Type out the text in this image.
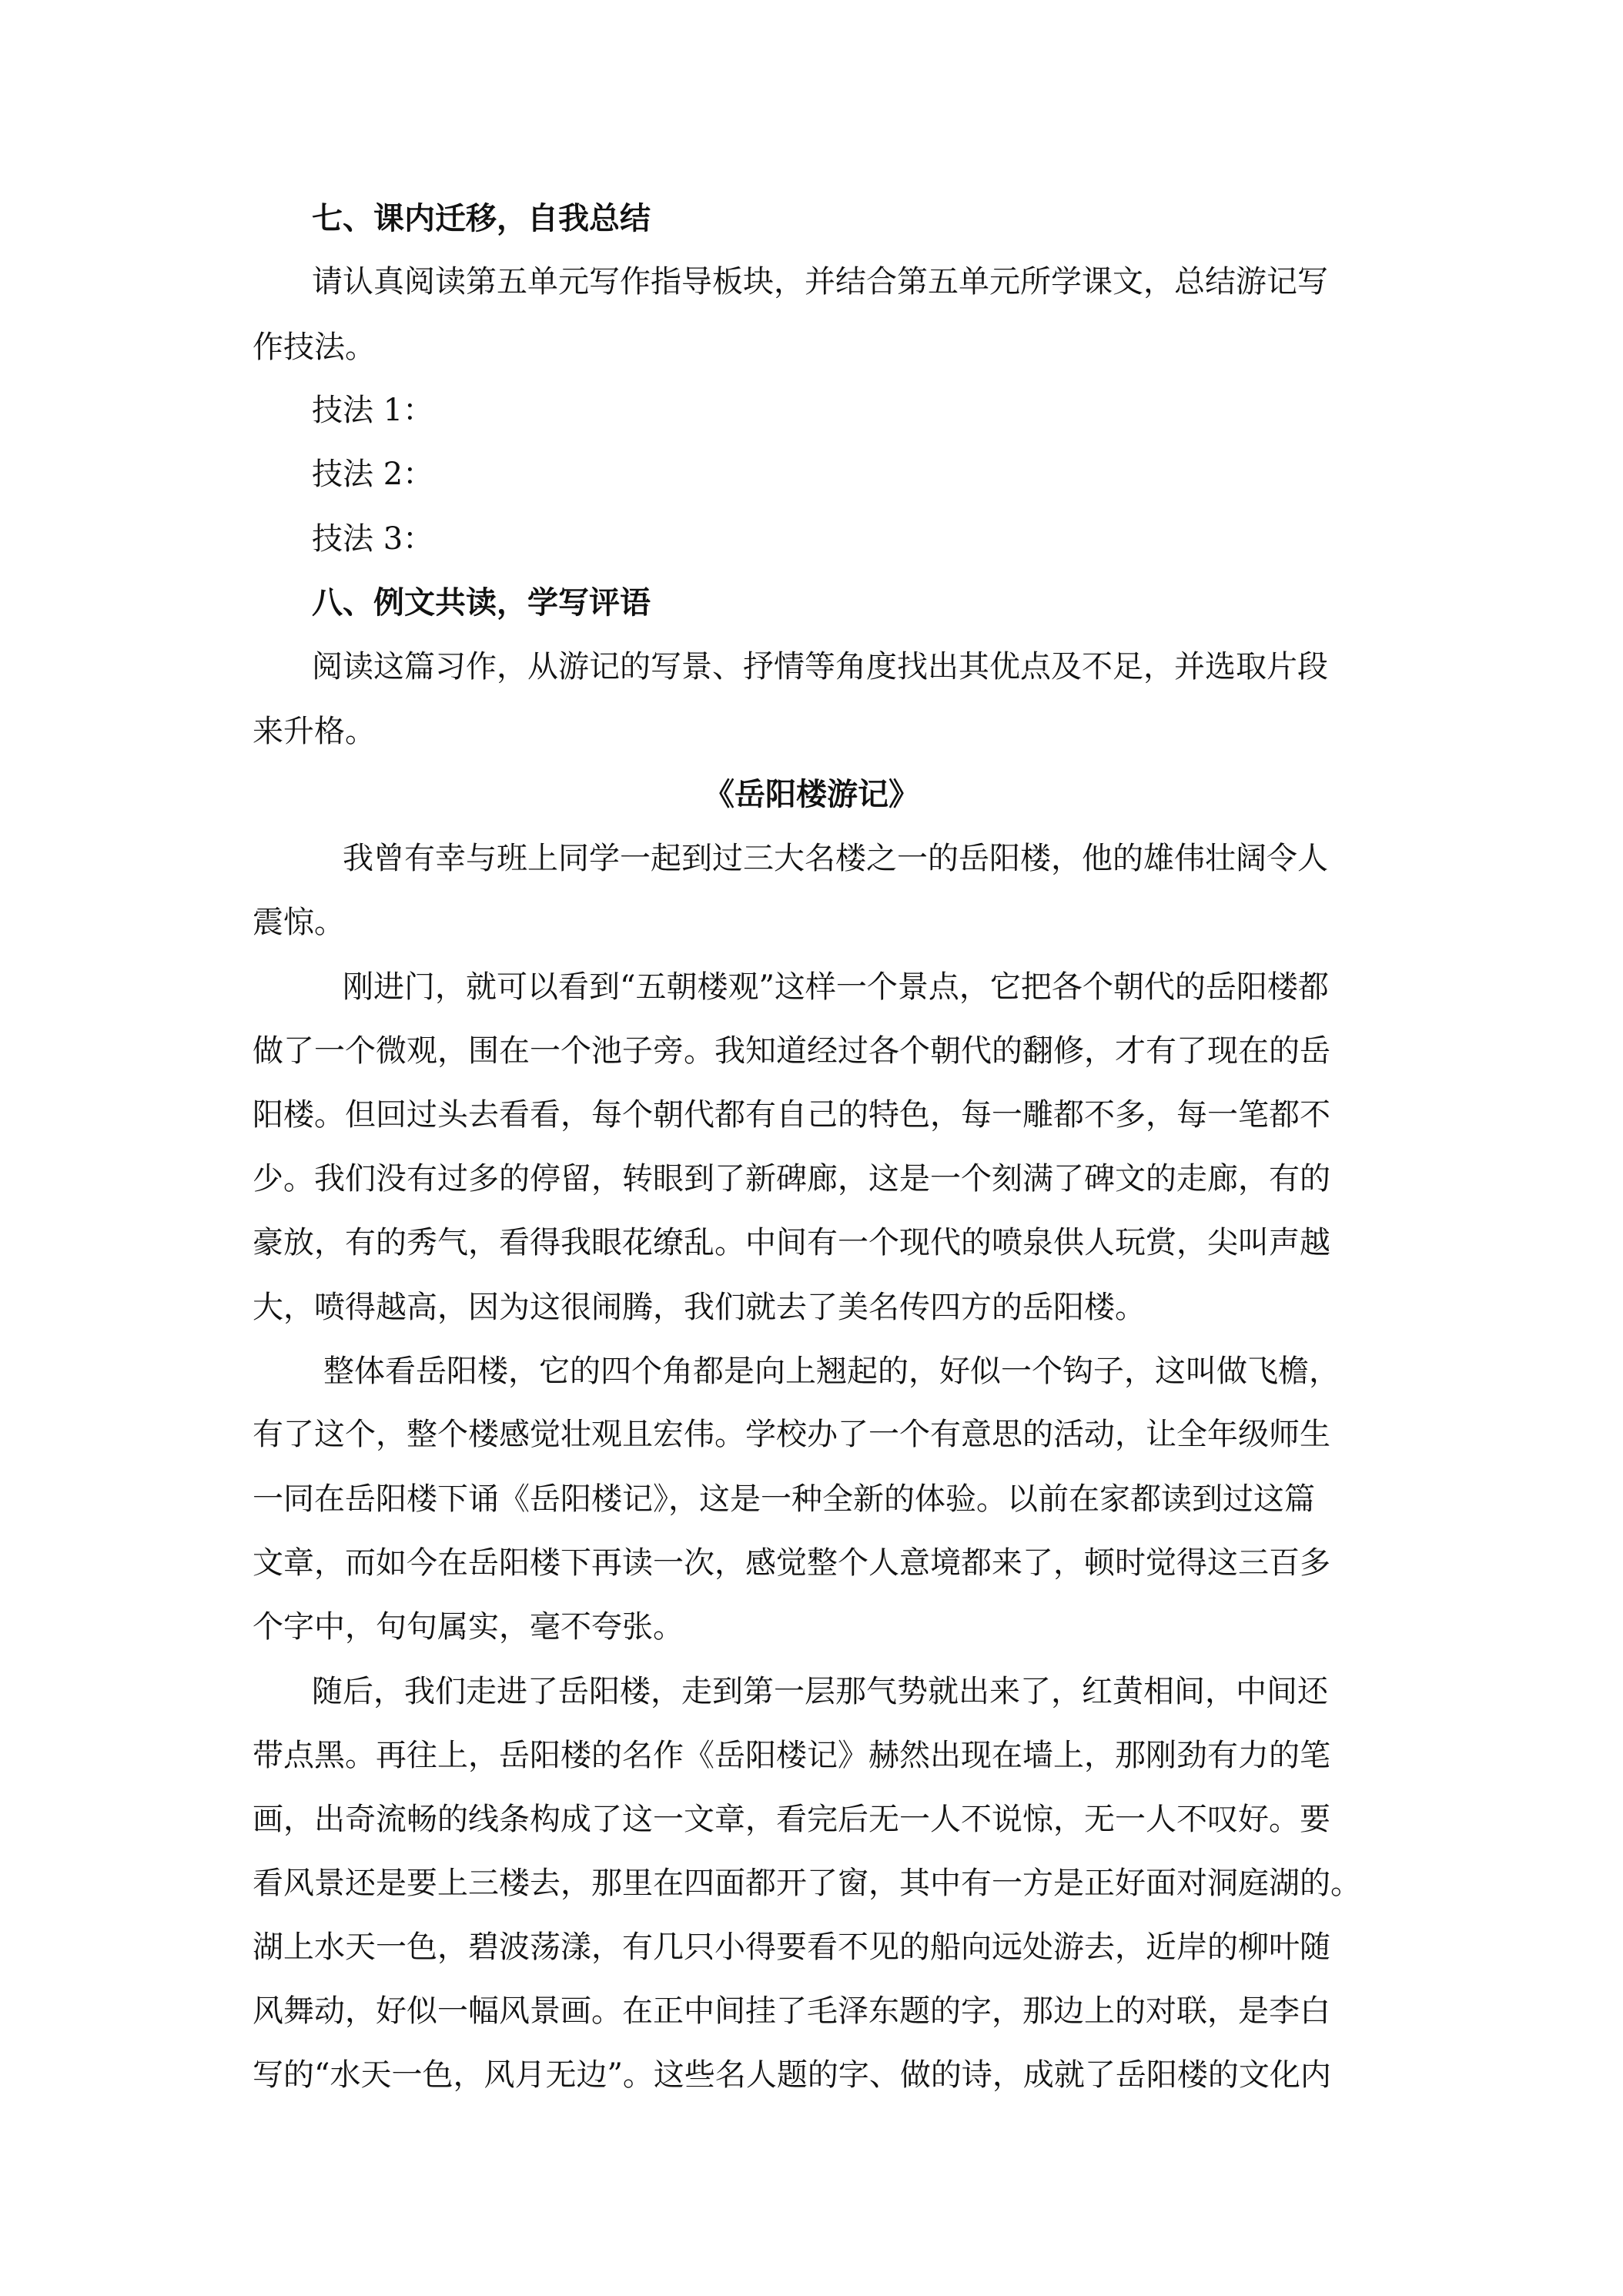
七、课内迁移，自我总结
请认真阅读第五单元写作指导板块，并结合第五单元所学课文，总结游记写
作技法。
技法 1：
技法 2：
技法 3：
八、例文共读，学写评语
阅读这篇习作，从游记的写景、抒情等角度找出其优点及不足，并选取片段
来升格。
《岳阳楼游记》
我曾有幸与班上同学一起到过三大名楼之一的岳阳楼，他的雄伟壮阔令人
震惊。
刚进门，就可以看到“五朝楼观”这样一个景点，它把各个朝代的岳阳楼都
做了一个微观，围在一个池子旁。我知道经过各个朝代的翻修，才有了现在的岳
阳楼。但回过头去看看，每个朝代都有自己的特色，每一雕都不多，每一笔都不
少。我们没有过多的停留，转眼到了新碑廊，这是一个刻满了碑文的走廊，有的
豪放，有的秀气，看得我眼花缭乱。中间有一个现代的喷泉供人玩赏，尖叫声越
大，喷得越高，因为这很闹腾，我们就去了美名传四方的岳阳楼。
整体看岳阳楼，它的四个角都是向上翘起的，好似一个钩子，这叫做飞檐，
有了这个，整个楼感觉壮观且宏伟。学校办了一个有意思的活动，让全年级师生
一同在岳阳楼下诵《岳阳楼记》，这是一种全新的体验。以前在家都读到过这篇
文章，而如今在岳阳楼下再读一次，感觉整个人意境都来了，顿时觉得这三百多
个字中，句句属实，毫不夸张。
随后，我们走进了岳阳楼，走到第一层那气势就出来了，红黄相间，中间还
带点黑。再往上，岳阳楼的名作《岳阳楼记》赫然出现在墙上，那刚劲有力的笔
画，出奇流畅的线条构成了这一文章，看完后无一人不说惊，无一人不叹好。要
看风景还是要上三楼去，那里在四面都开了窗，其中有一方是正好面对洞庭湖的。
湖上水天一色，碧波荡漾，有几只小得要看不见的船向远处游去，近岸的柳叶随
风舞动，好似一幅风景画。在正中间挂了毛泽东题的字，那边上的对联，是李白
写的“水天一色，风月无边”。这些名人题的字、做的诗，成就了岳阳楼的文化内
